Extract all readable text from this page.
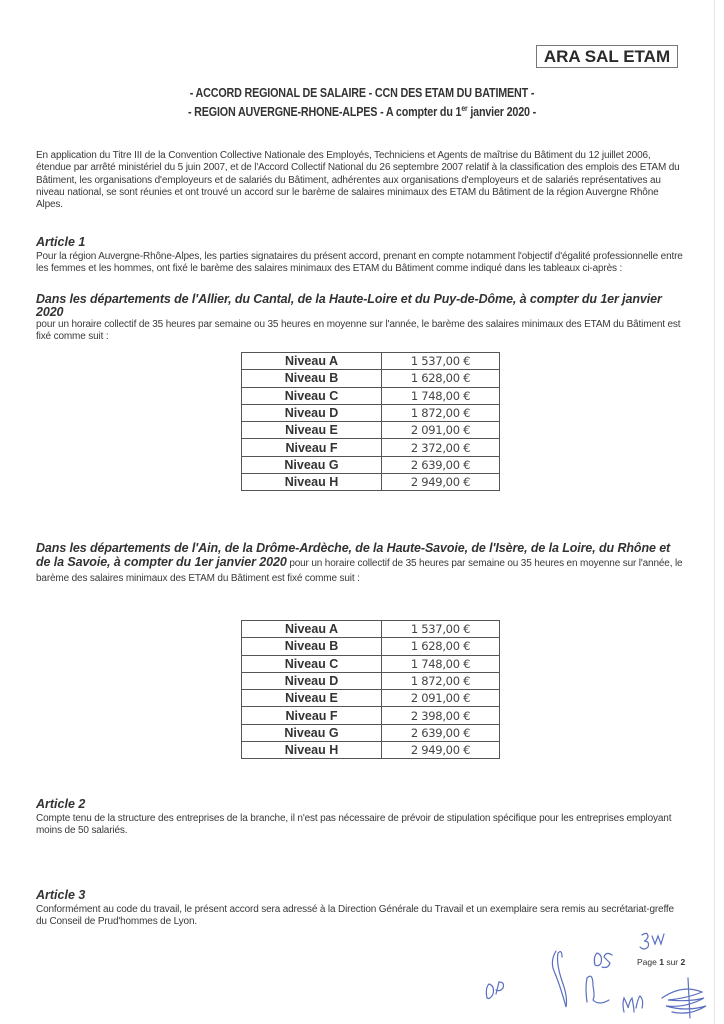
ARA SAL ETAM
- ACCORD REGIONAL DE SALAIRE - CCN DES ETAM DU BATIMENT -
- REGION AUVERGNE-RHONE-ALPES - A compter du 1er janvier 2020 -
En application du Titre III de la Convention Collective Nationale des Employés, Techniciens et Agents de maîtrise du Bâtiment du 12 juillet 2006, étendue par arrêté ministériel du 5 juin 2007, et de l'Accord Collectif National du 26 septembre 2007 relatif à la classification des emplois des ETAM du Bâtiment, les organisations d'employeurs et de salariés du Bâtiment, adhérentes aux organisations d'employeurs et de salariés représentatives au niveau national, se sont réunies et ont trouvé un accord sur le barème de salaires minimaux des ETAM du Bâtiment de la région Auvergne Rhône Alpes.
Article 1
Pour la région Auvergne-Rhône-Alpes, les parties signataires du présent accord, prenant en compte notamment l'objectif d'égalité professionnelle entre les femmes et les hommes, ont fixé le barème des salaires minimaux des ETAM du Bâtiment comme indiqué dans les tableaux ci-après :
Dans les départements de l'Allier, du Cantal, de la Haute-Loire et du Puy-de-Dôme, à compter du 1er janvier 2020
pour un horaire collectif de 35 heures par semaine ou 35 heures en moyenne sur l'année, le barème des salaires minimaux des ETAM du Bâtiment est fixé comme suit :
Niveau A	1 537,00 €
Niveau B	1 628,00 €
Niveau C	1 748,00 €
Niveau D	1 872,00 €
Niveau E	2 091,00 €
Niveau F	2 372,00 €
Niveau G	2 639,00 €
Niveau H	2 949,00 €
Dans les départements de l'Ain, de la Drôme-Ardèche, de la Haute-Savoie, de l'Isère, de la Loire, du Rhône et de la Savoie, à compter du 1er janvier 2020 pour un horaire collectif de 35 heures par semaine ou 35 heures en moyenne sur l'année, le barème des salaires minimaux des ETAM du Bâtiment est fixé comme suit :
Niveau A	1 537,00 €
Niveau B	1 628,00 €
Niveau C	1 748,00 €
Niveau D	1 872,00 €
Niveau E	2 091,00 €
Niveau F	2 398,00 €
Niveau G	2 639,00 €
Niveau H	2 949,00 €
Article 2
Compte tenu de la structure des entreprises de la branche, il n'est pas nécessaire de prévoir de stipulation spécifique pour les entreprises employant moins de 50 salariés.
Article 3
Conformément au code du travail, le présent accord sera adressé à la Direction Générale du Travail et un exemplaire sera remis au secrétariat-greffe du Conseil de Prud'hommes de Lyon.
Page 1 sur 2
